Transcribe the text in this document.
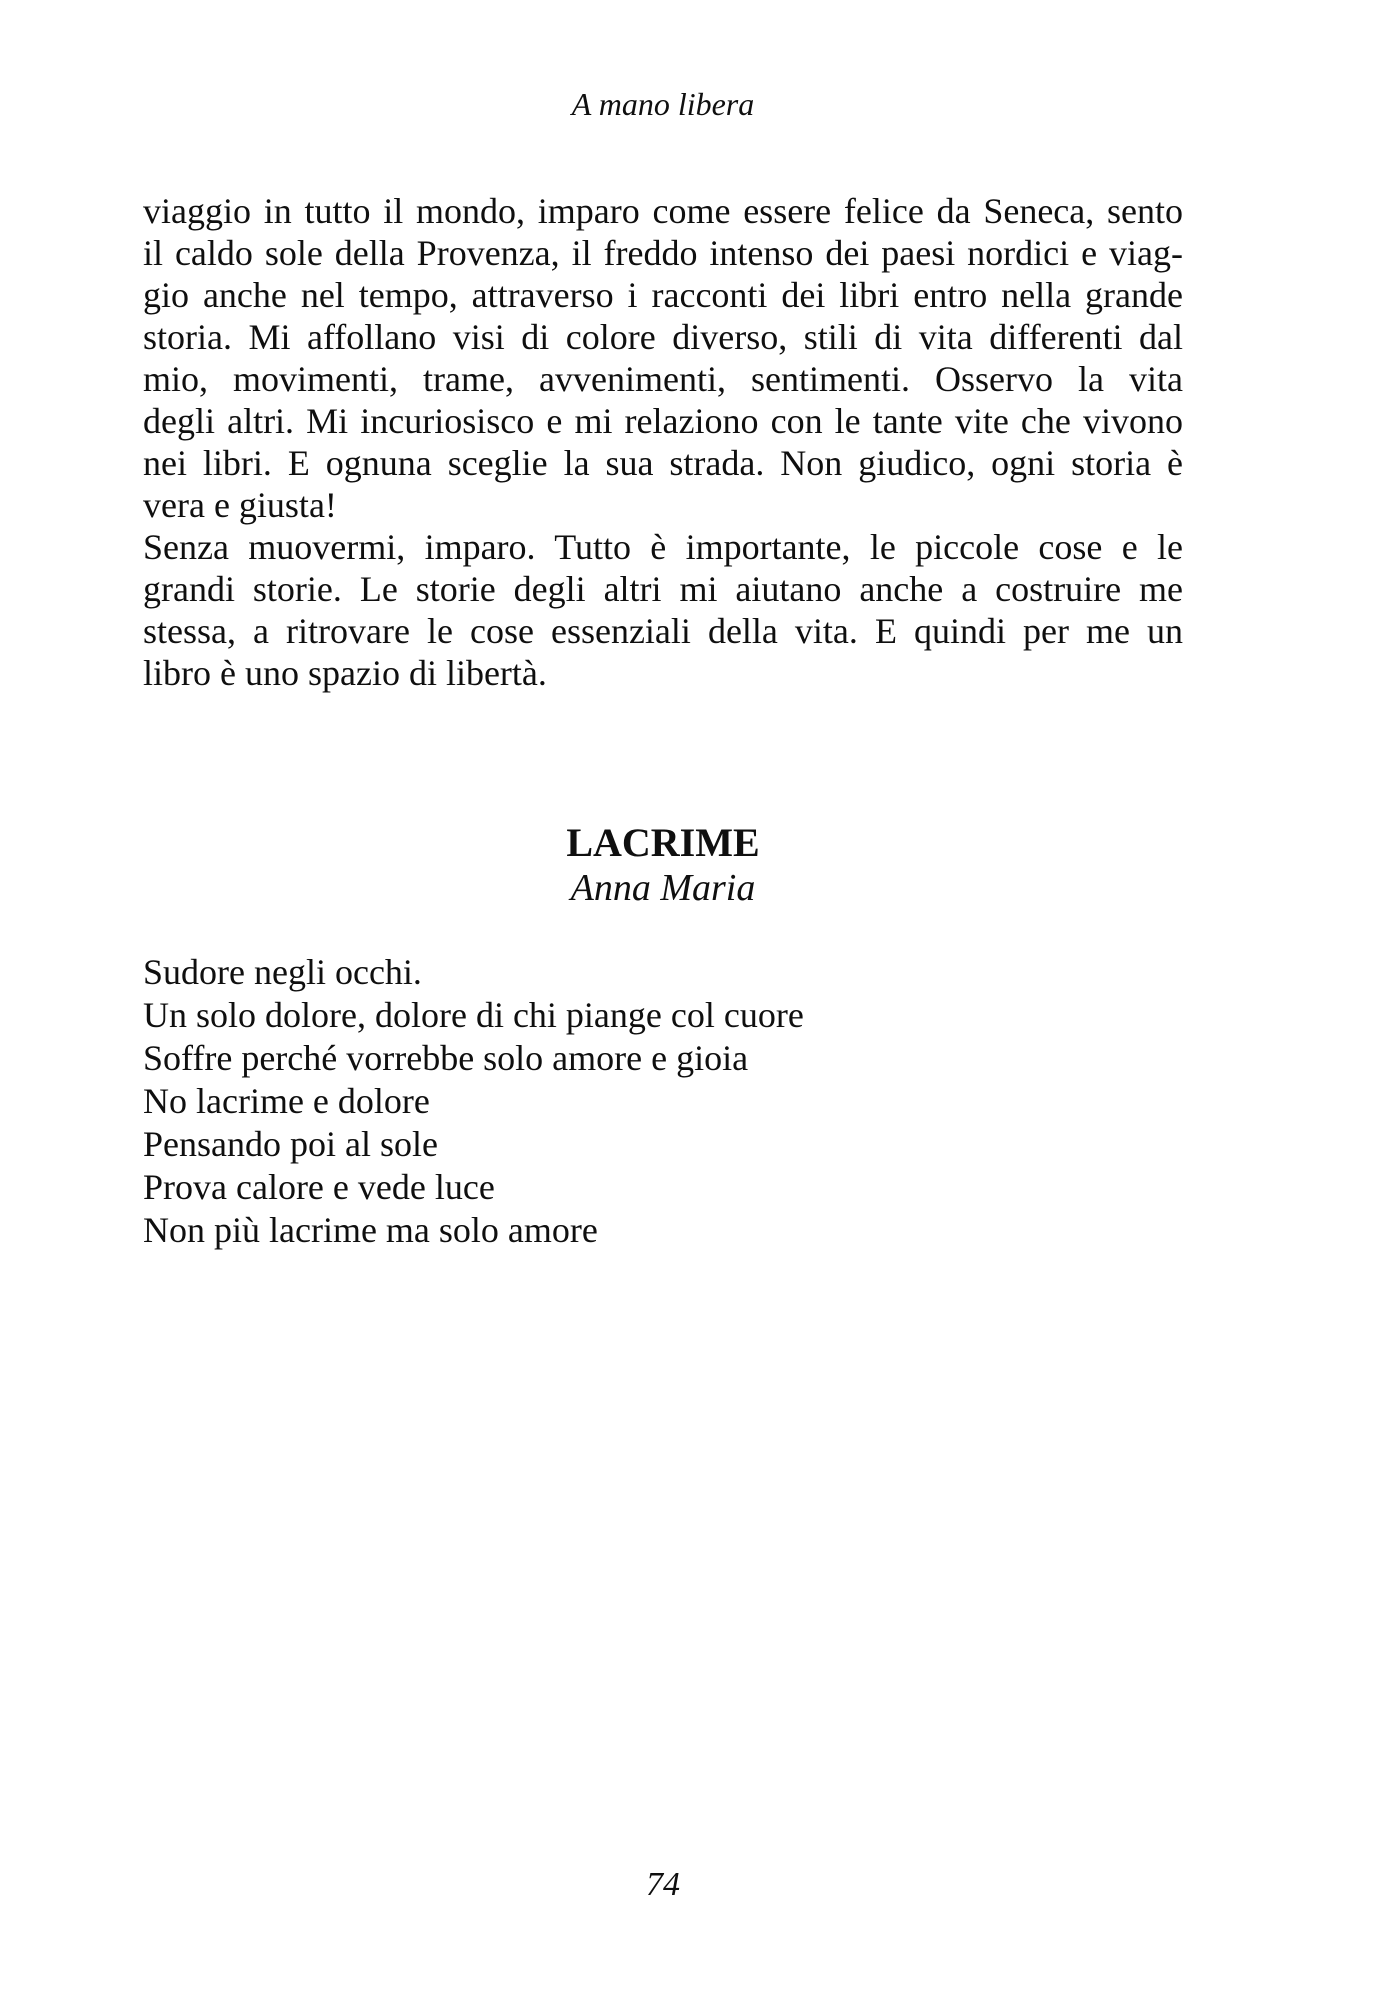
A mano libera
viaggio in tutto il mondo, imparo come essere felice da Seneca, sento
il caldo sole della Provenza, il freddo intenso dei paesi nordici e viag-
gio anche nel tempo, attraverso i racconti dei libri entro nella grande
storia. Mi affollano visi di colore diverso, stili di vita differenti dal
mio, movimenti, trame, avvenimenti, sentimenti. Osservo la vita
degli altri. Mi incuriosisco e mi relaziono con le tante vite che vivono
nei libri. E ognuna sceglie la sua strada. Non giudico, ogni storia è
vera e giusta!
Senza muovermi, imparo. Tutto è importante, le piccole cose e le
grandi storie. Le storie degli altri mi aiutano anche a costruire me
stessa, a ritrovare le cose essenziali della vita. E quindi per me un
libro è uno spazio di libertà.
LACRIME
Anna Maria
Sudore negli occhi.
Un solo dolore, dolore di chi piange col cuore
Soffre perché vorrebbe solo amore e gioia
No lacrime e dolore
Pensando poi al sole
Prova calore e vede luce
Non più lacrime ma solo amore
74
